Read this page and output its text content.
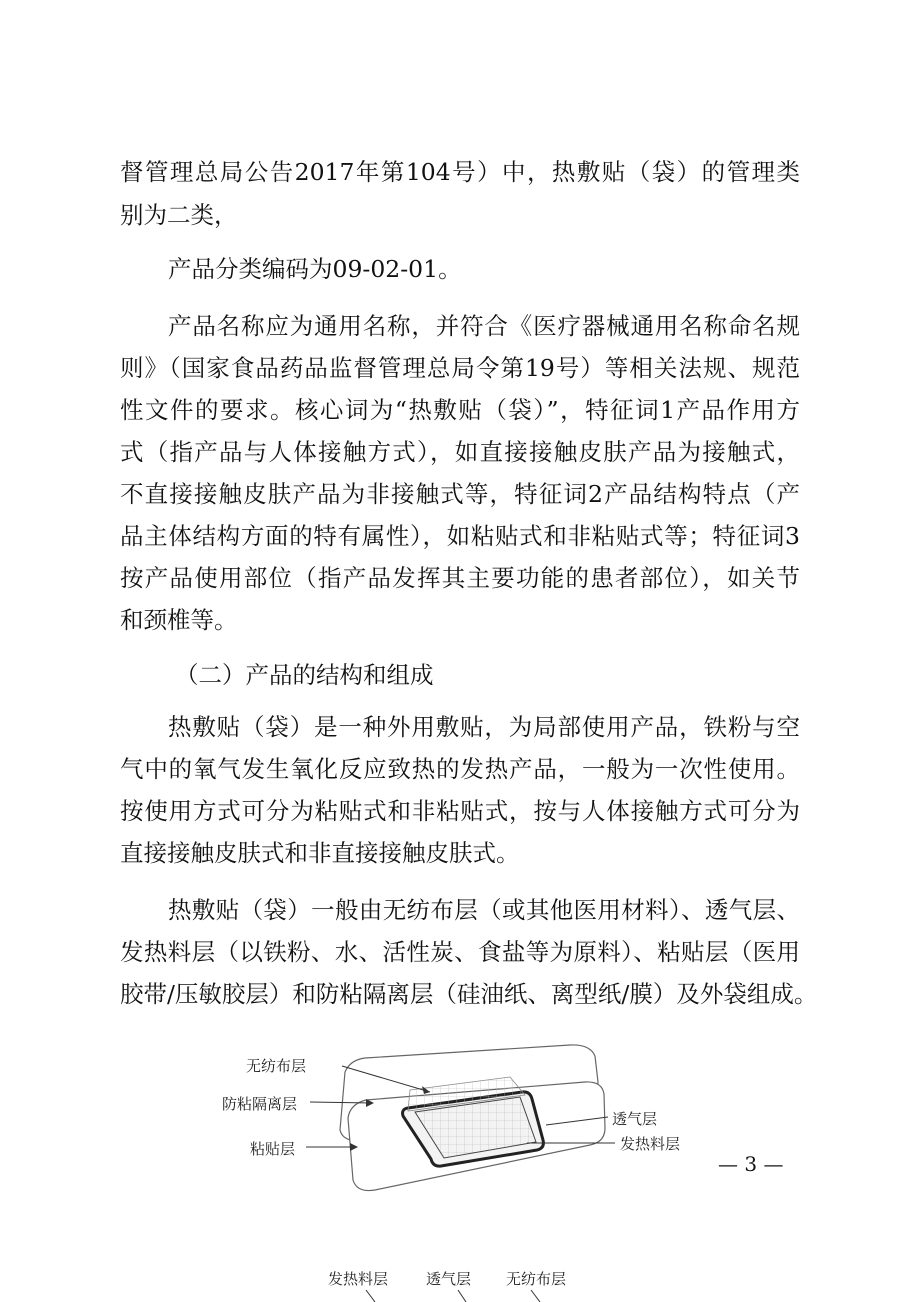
督管理总局公告2017年第104号）中，热敷贴（袋）的管理类
别为二类，
产品分类编码为09-02-01。
产品名称应为通用名称，并符合《医疗器械通用名称命名规
则》（国家食品药品监督管理总局令第19号）等相关法规、规范
性文件的要求。核心词为“热敷贴（袋）”，特征词1产品作用方
式（指产品与人体接触方式），如直接接触皮肤产品为接触式，
不直接接触皮肤产品为非接触式等，特征词2产品结构特点（产
品主体结构方面的特有属性），如粘贴式和非粘贴式等；特征词3
按产品使用部位（指产品发挥其主要功能的患者部位），如关节
和颈椎等。
（二）产品的结构和组成
热敷贴（袋）是一种外用敷贴，为局部使用产品，铁粉与空
气中的氧气发生氧化反应致热的发热产品，一般为一次性使用。
按使用方式可分为粘贴式和非粘贴式，按与人体接触方式可分为
直接接触皮肤式和非直接接触皮肤式。
热敷贴（袋）一般由无纺布层（或其他医用材料）、透气层、
发热料层（以铁粉、水、活性炭、食盐等为原料）、粘贴层（医用
胶带/压敏胶层）和防粘隔离层（硅油纸、离型纸/膜）及外袋组成。
无纺布层
防粘隔离层
粘贴层
透气层
发热料层
— 3 —
发热料层	透气层 无纺布层
